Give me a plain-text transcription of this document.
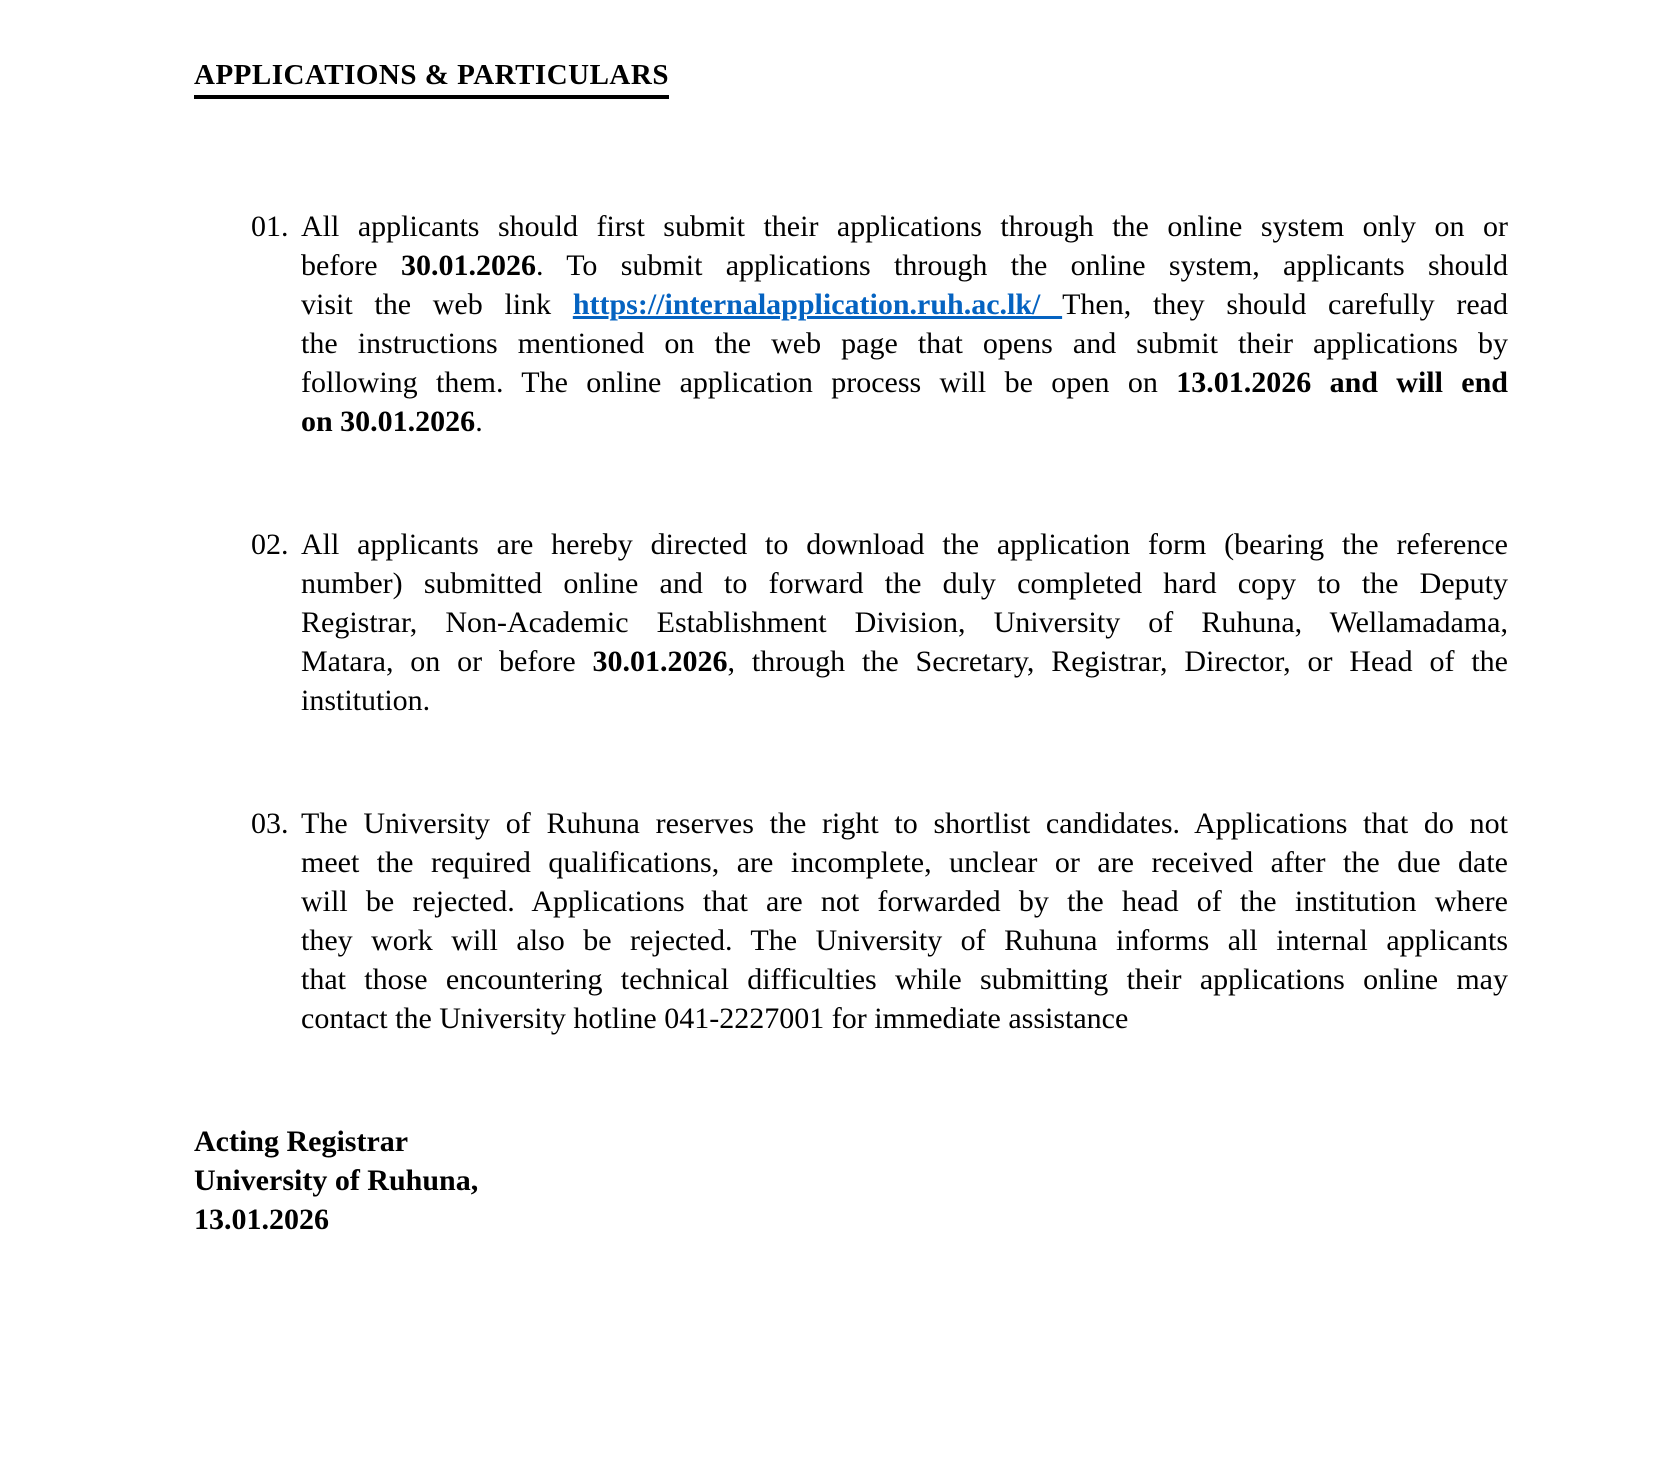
APPLICATIONS & PARTICULARS
01. All applicants should first submit their applications through the online system only on or
before 30.01.2026. To submit applications through the online system, applicants should
visit the web link https://internalapplication.ruh.ac.lk/ Then, they should carefully read
the instructions mentioned on the web page that opens and submit their applications by
following them. The online application process will be open on 13.01.2026 and will end
on 30.01.2026.
02. All applicants are hereby directed to download the application form (bearing the reference
number) submitted online and to forward the duly completed hard copy to the Deputy
Registrar, Non-Academic Establishment Division, University of Ruhuna, Wellamadama,
Matara, on or before 30.01.2026, through the Secretary, Registrar, Director, or Head of the
institution.
03. The University of Ruhuna reserves the right to shortlist candidates. Applications that do not
meet the required qualifications, are incomplete, unclear or are received after the due date
will be rejected. Applications that are not forwarded by the head of the institution where
they work will also be rejected. The University of Ruhuna informs all internal applicants
that those encountering technical difficulties while submitting their applications online may
contact the University hotline 041-2227001 for immediate assistance
Acting Registrar
University of Ruhuna,
13.01.2026
